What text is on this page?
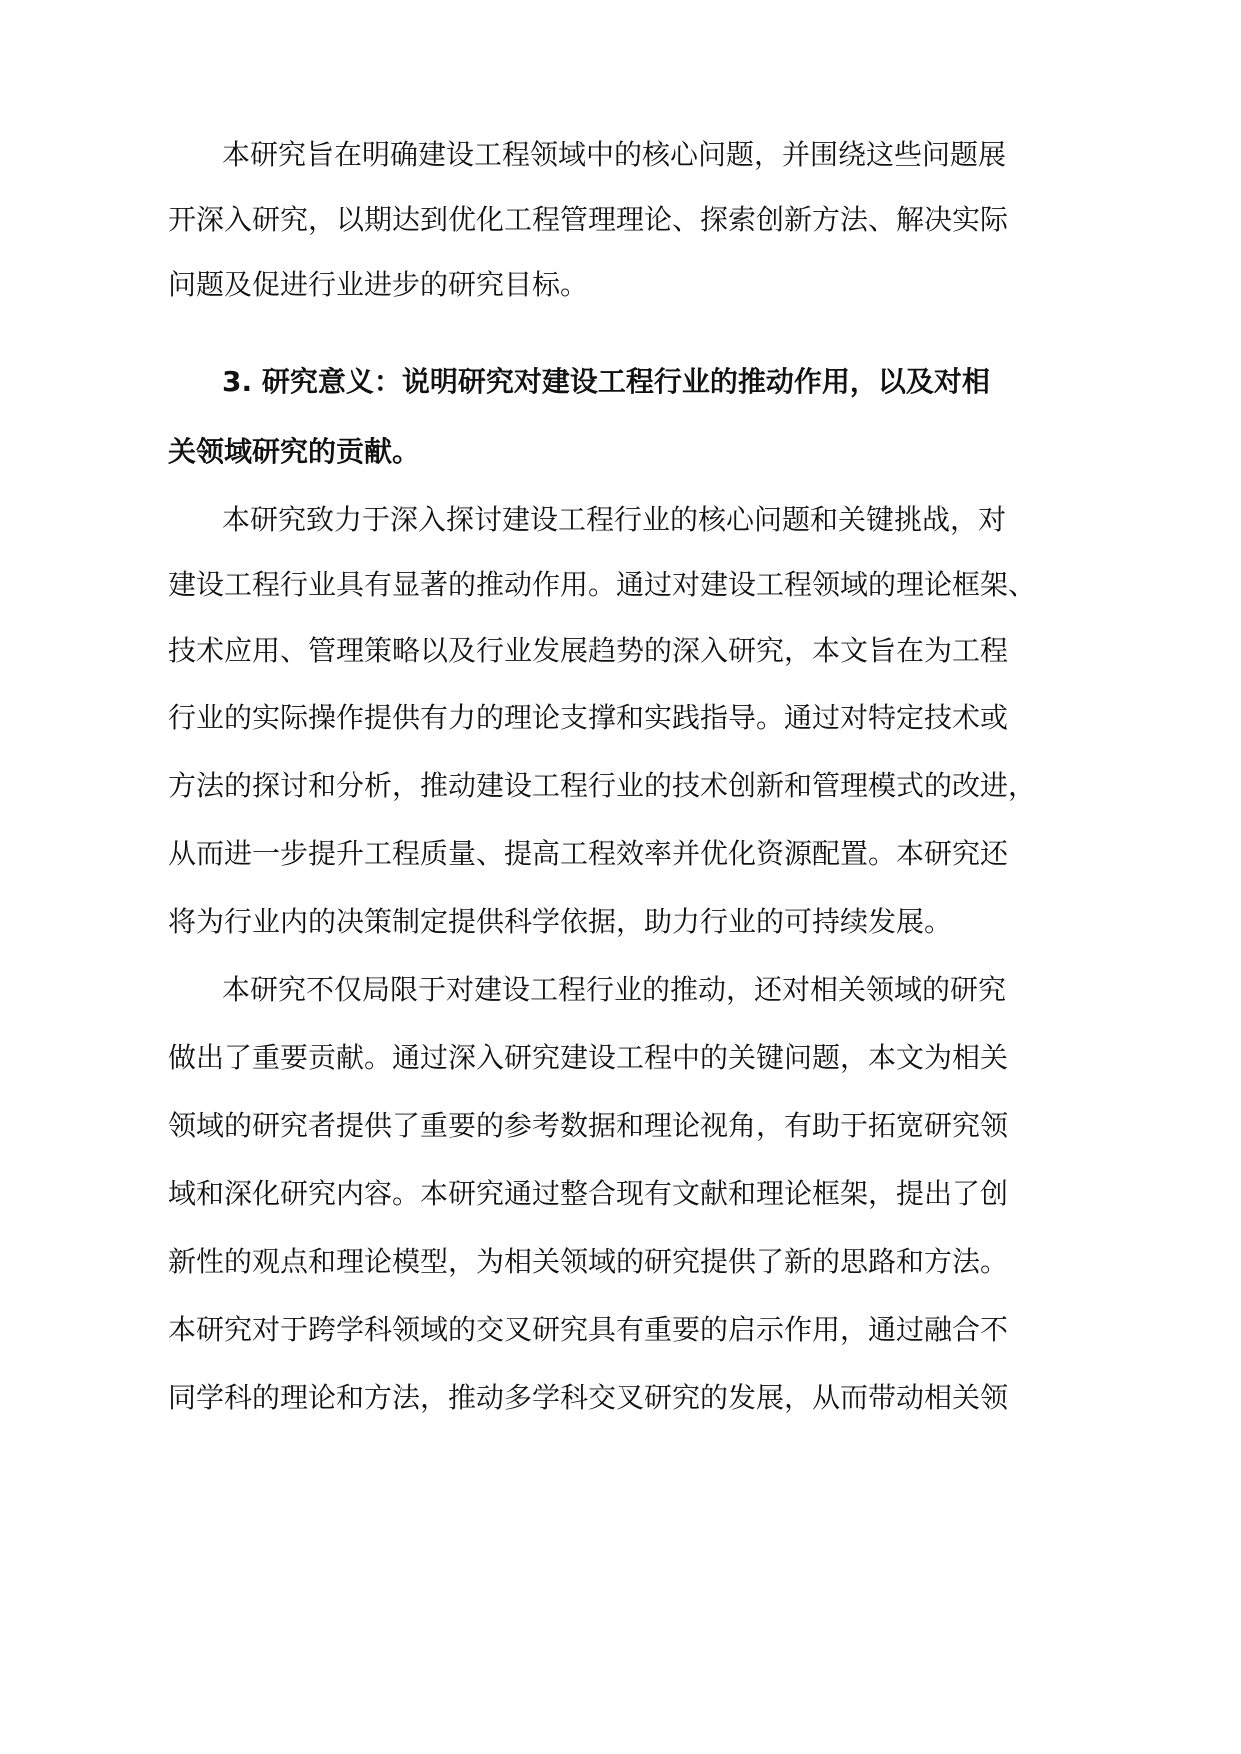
本研究旨在明确建设工程领域中的核心问题，并围绕这些问题展
开深入研究，以期达到优化工程管理理论、探索创新方法、解决实际
问题及促进行业进步的研究目标。
3. 研究意义：说明研究对建设工程行业的推动作用，以及对相
关领域研究的贡献。
本研究致力于深入探讨建设工程行业的核心问题和关键挑战，对
建设工程行业具有显著的推动作用。通过对建设工程领域的理论框架、
技术应用、管理策略以及行业发展趋势的深入研究，本文旨在为工程
行业的实际操作提供有力的理论支撑和实践指导。通过对特定技术或
方法的探讨和分析，推动建设工程行业的技术创新和管理模式的改进，
从而进一步提升工程质量、提高工程效率并优化资源配置。本研究还
将为行业内的决策制定提供科学依据，助力行业的可持续发展。
本研究不仅局限于对建设工程行业的推动，还对相关领域的研究
做出了重要贡献。通过深入研究建设工程中的关键问题，本文为相关
领域的研究者提供了重要的参考数据和理论视角，有助于拓宽研究领
域和深化研究内容。本研究通过整合现有文献和理论框架，提出了创
新性的观点和理论模型，为相关领域的研究提供了新的思路和方法。
本研究对于跨学科领域的交叉研究具有重要的启示作用，通过融合不
同学科的理论和方法，推动多学科交叉研究的发展，从而带动相关领
